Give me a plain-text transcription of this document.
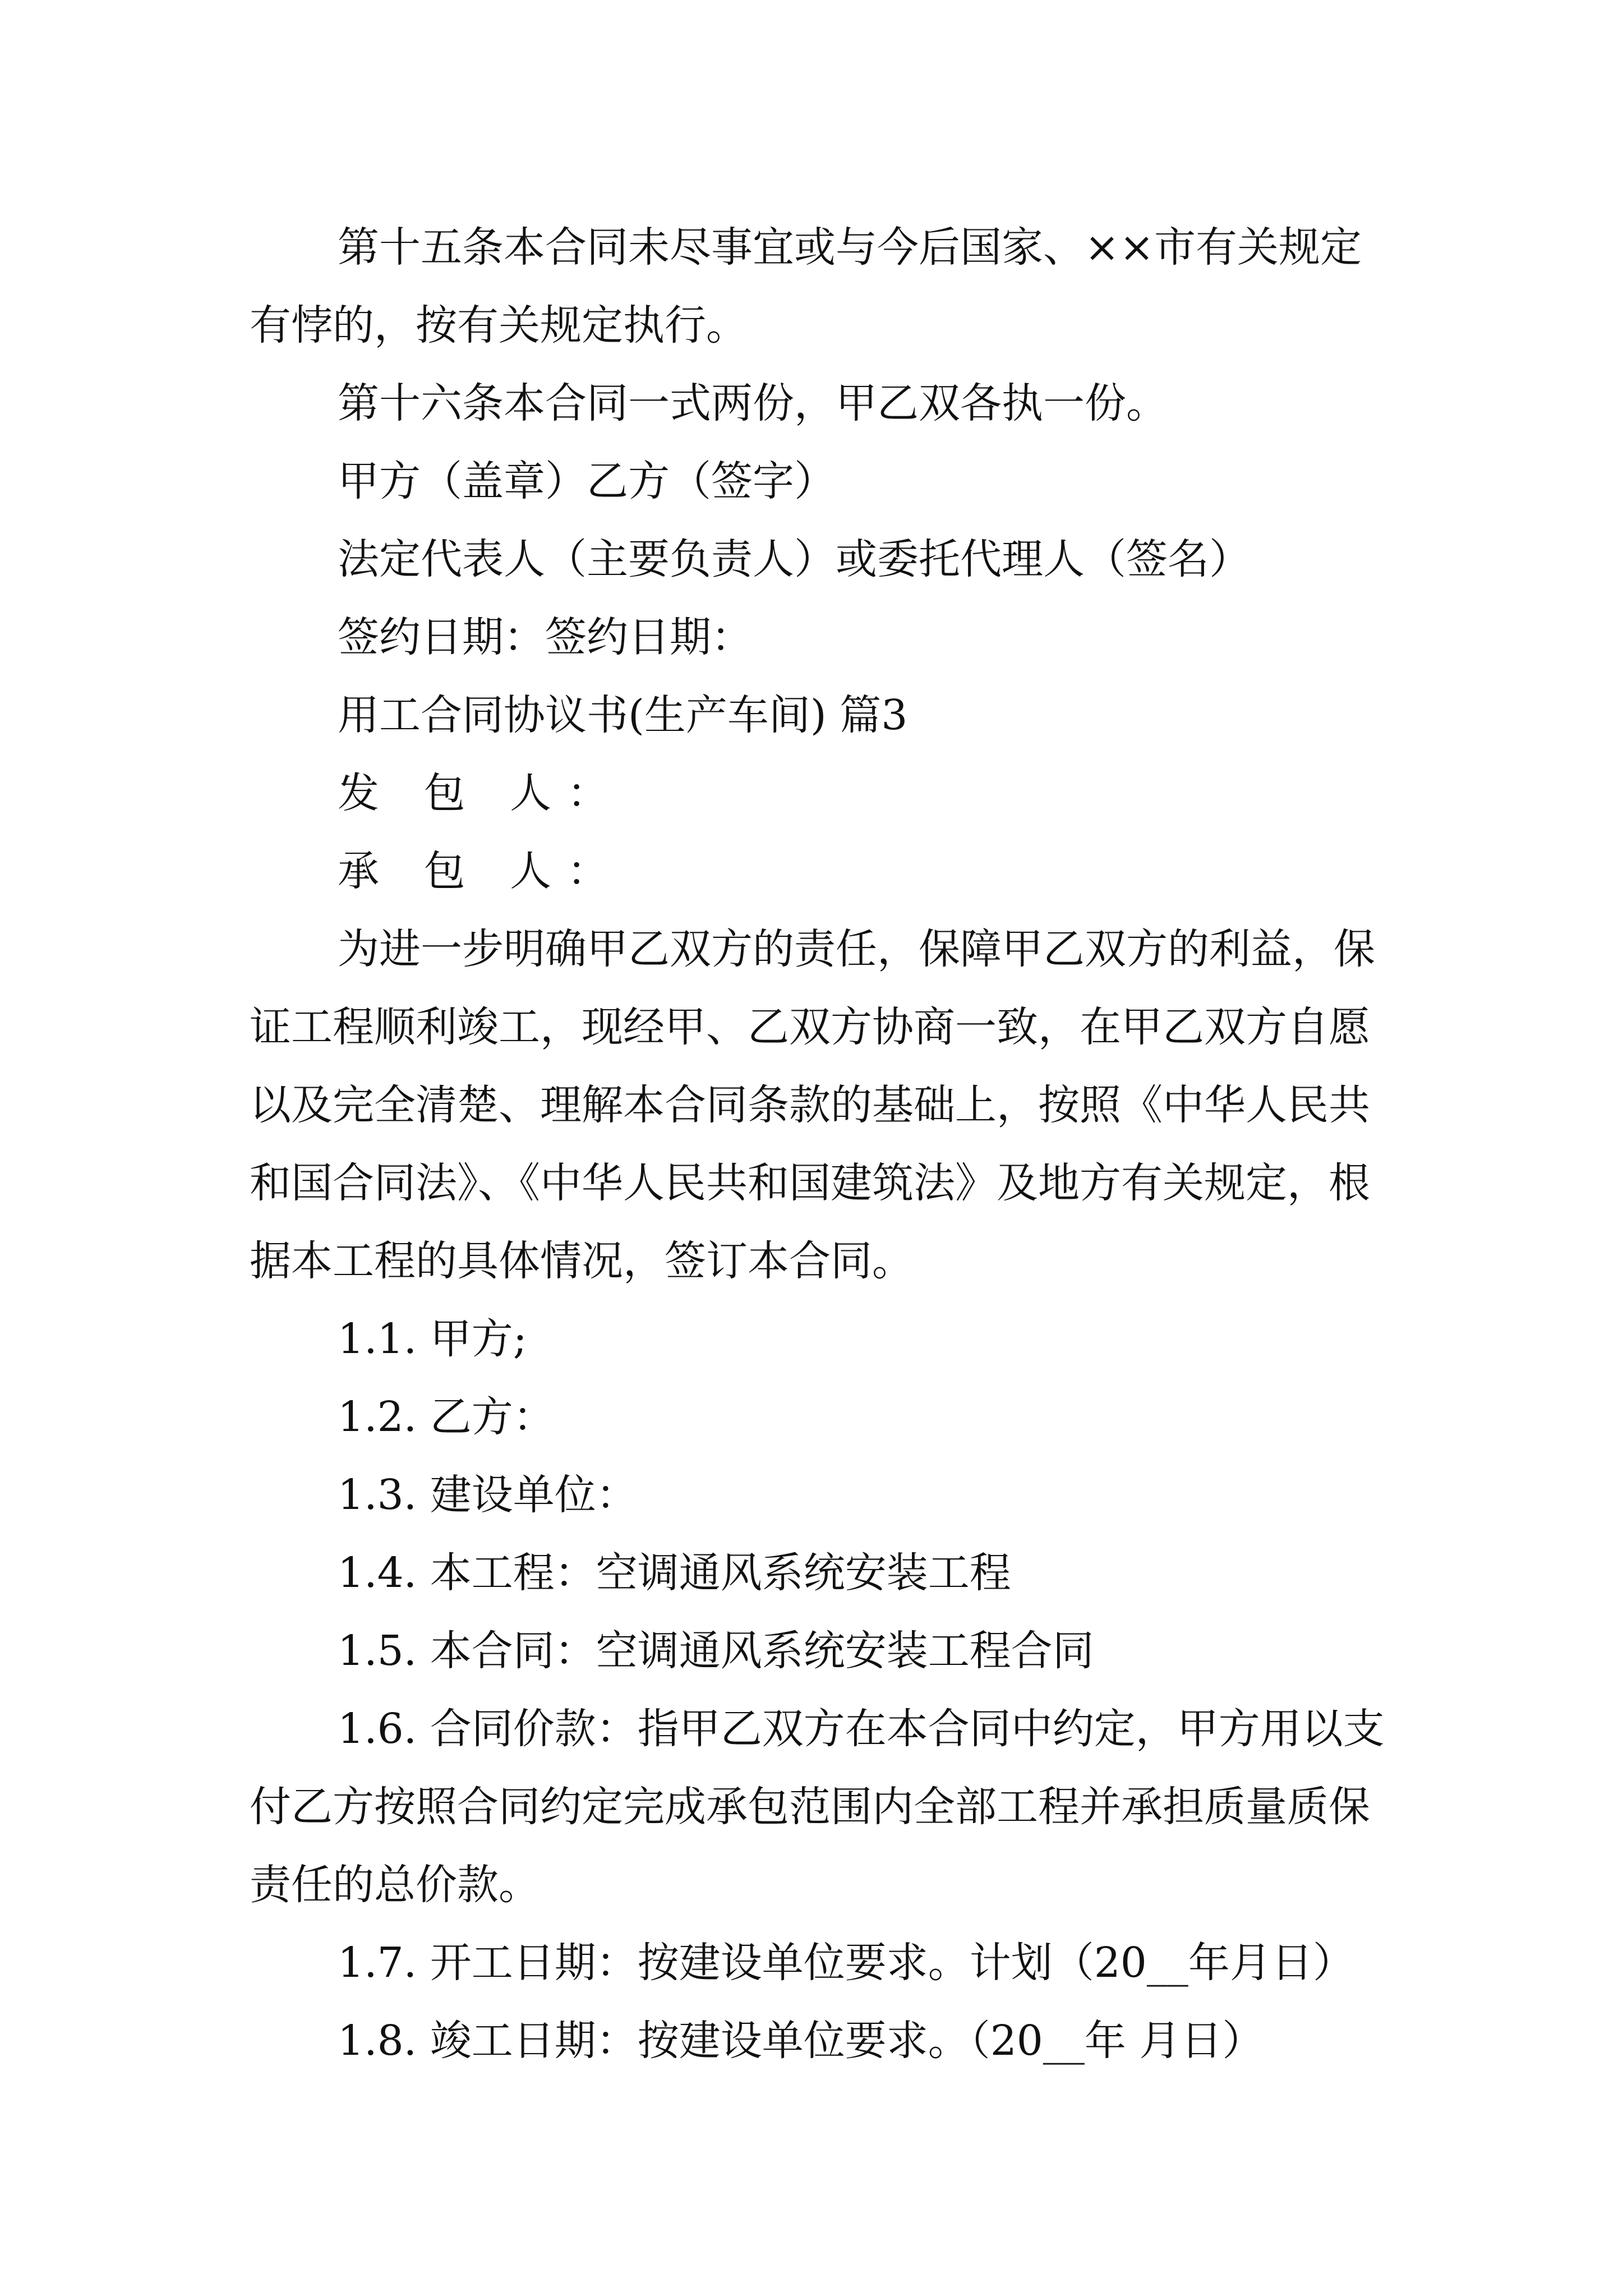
第十五条本合同未尽事宜或与今后国家、××市有关规定有悖的，按有关规定执行。

第十六条本合同一式两份，甲乙双各执一份。

甲方（盖章）乙方（签字）

法定代表人（主要负责人）或委托代理人（签名）

签约日期：签约日期：

用工合同协议书(生产车间) 篇3

发 包 人：

承 包 人：

为进一步明确甲乙双方的责任，保障甲乙双方的利益，保证工程顺利竣工，现经甲、乙双方协商一致，在甲乙双方自愿以及完全清楚、理解本合同条款的基础上，按照《中华人民共和国合同法》、《中华人民共和国建筑法》及地方有关规定，根据本工程的具体情况，签订本合同。

1.1. 甲方;

1.2. 乙方：

1.3. 建设单位：

1.4. 本工程：空调通风系统安装工程

1.5. 本合同：空调通风系统安装工程合同

1.6. 合同价款：指甲乙双方在本合同中约定，甲方用以支付乙方按照合同约定完成承包范围内全部工程并承担质量质保责任的总价款。

1.7. 开工日期：按建设单位要求。计划（20__年月日）

1.8. 竣工日期：按建设单位要求。（20__年 月日）
